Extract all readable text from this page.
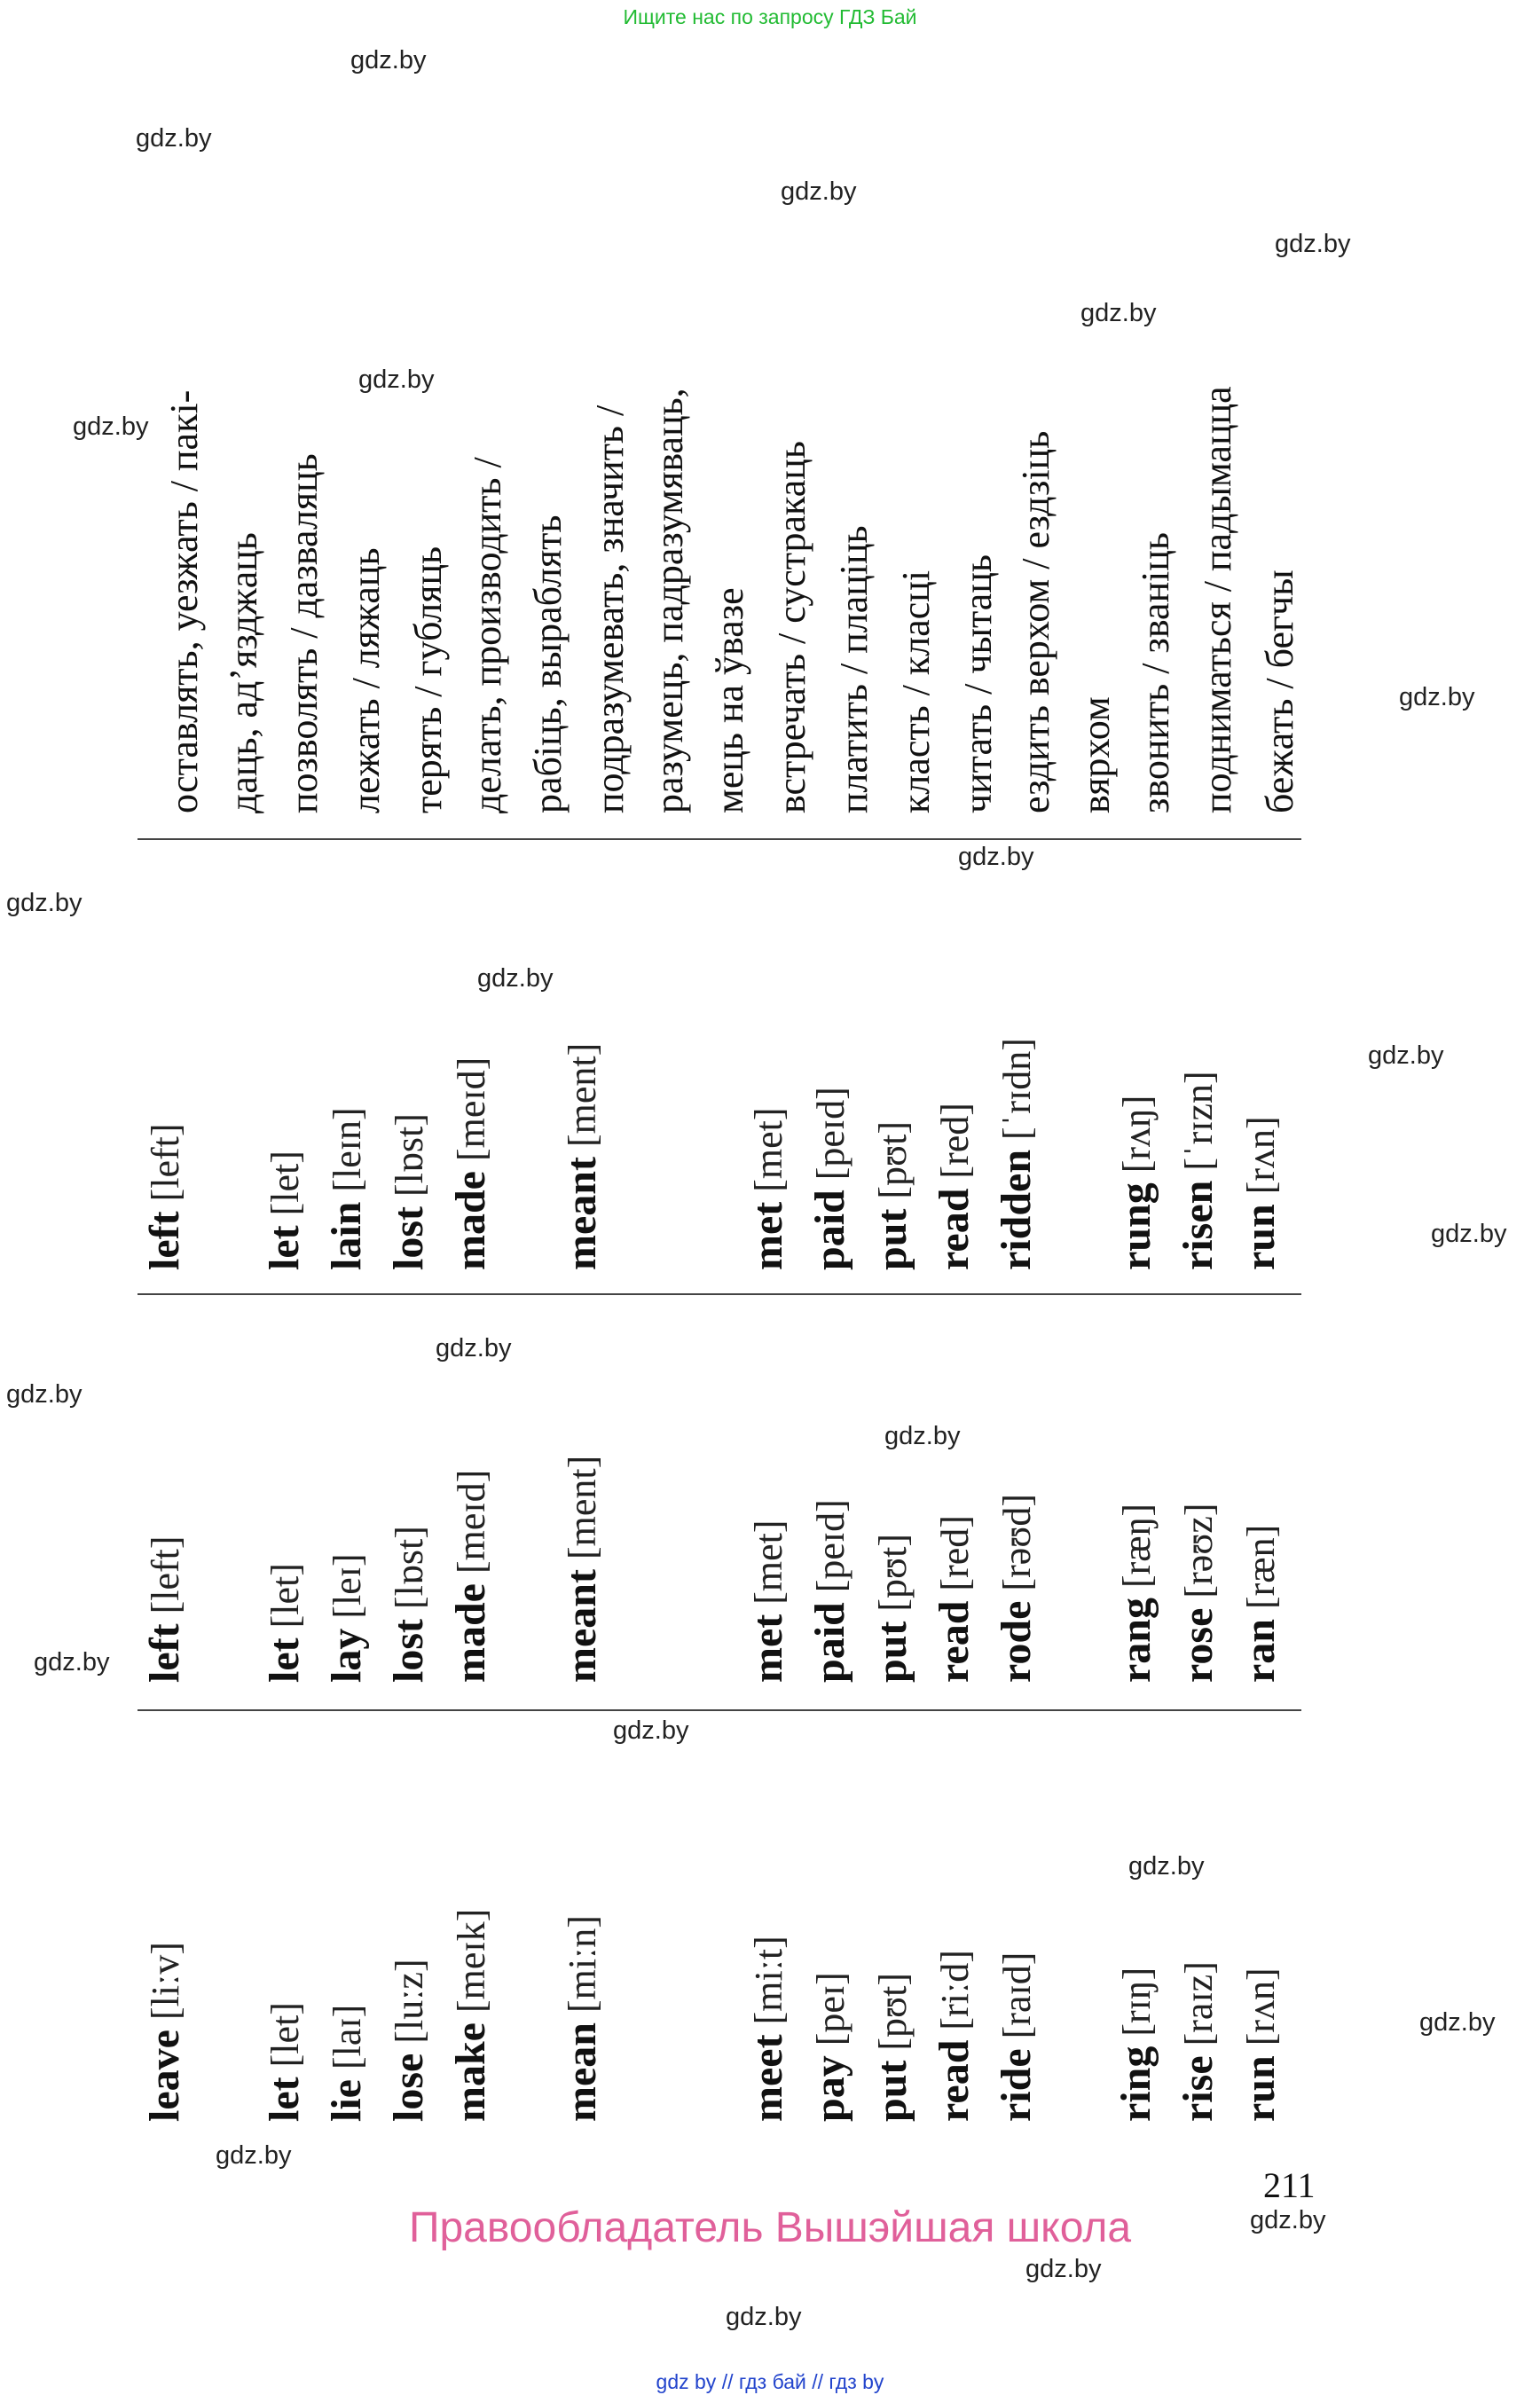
Ищите нас по запросу ГДЗ Бай
оставлять, уезжать / пакі- даць, адʼязджаць позволять / дазваляць лежать / ляжаць терять / губляць делать, производить / рабіць, выраблять подразумевать, значить / разумець, падразумяваць, мець на ўвазе встречать / сустракаць платить / плаціць класть / класці читать / чытаць ездить верхом / ездзіць вярхом звонить / званіць подниматься / падымацца бежать / бегчы
left [left]
let [let]
lain [leɪn]
lost [lɒst]
made [meɪd]
meant [ment]
met [met]
paid [peɪd]
put [pʊt]
read [red]
ridden [ˈrɪdn]
rung [rʌŋ]
risen [ˈrɪzn]
run [rʌn]
left [left]
let [let]
lay [leɪ]
lost [lɒst]
made [meɪd]
meant [ment]
met [met]
paid [peɪd]
put [pʊt]
read [red]
rode [rəʊd]
rang [ræŋ]
rose [rəʊz]
ran [ræn]
leave [liːv]
let [let]
lie [laɪ]
lose [luːz]
make [meɪk]
mean [miːn]
meet [miːt]
pay [peɪ]
put [pʊt]
read [riːd]
ride [raɪd]
ring [rɪŋ]
rise [raɪz]
run [rʌn]
211
Правообладатель Вышэйшая школа
gdz by // гдз бай // гдз by
gdz.by
gdz.by
gdz.by
gdz.by
gdz.by
gdz.by
gdz.by
gdz.by
gdz.by
gdz.by
gdz.by
gdz.by
gdz.by
gdz.by
gdz.by
gdz.by
gdz.by
gdz.by
gdz.by
gdz.by
gdz.by
gdz.by
gdz.by
gdz.by
